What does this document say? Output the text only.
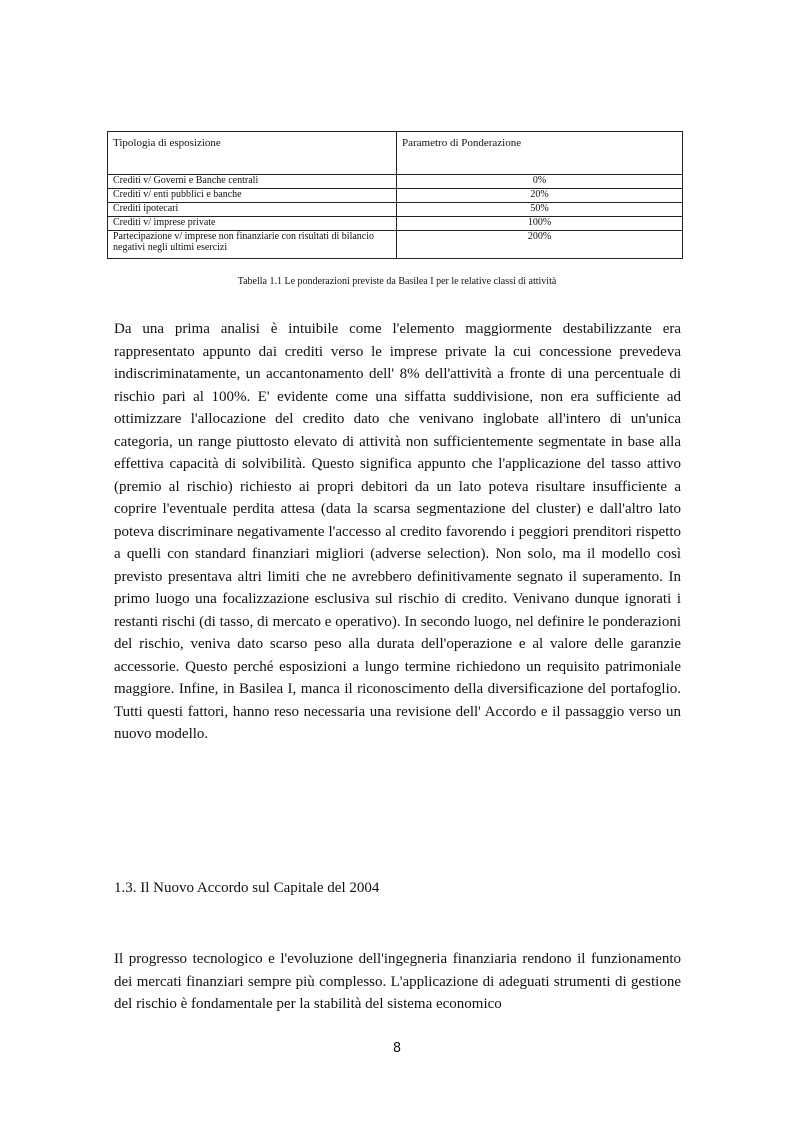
Tipologia di esposizione	Parametro di Ponderazione
Crediti v/ Governi e Banche centrali	0%
Crediti v/ enti pubblici e banche	20%
Crediti ipotecari	50%
Crediti v/ imprese private	100%
Partecipazione v/ imprese non finanziarie con risultati di bilancio negativi negli ultimi esercizi	200%
Tabella 1.1 Le ponderazioni previste da Basilea I per le relative classi di attività

Da una prima analisi è intuibile come l'elemento maggiormente destabilizzante era rappresentato appunto dai crediti verso le imprese private la cui concessione prevedeva indiscriminatamente, un accantonamento dell' 8% dell'attività a fronte di una percentuale di rischio pari al 100%. E' evidente come una siffatta suddivisione, non era sufficiente ad ottimizzare l'allocazione del credito dato che venivano inglobate all'intero di un'unica categoria, un range piuttosto elevato di attività non sufficientemente segmentate in base alla effettiva capacità di solvibilità. Questo significa appunto che l'applicazione del tasso attivo (premio al rischio) richiesto ai propri debitori da un lato poteva risultare insufficiente a coprire l'eventuale perdita attesa (data la scarsa segmentazione del cluster) e dall'altro lato poteva discriminare negativamente l'accesso al credito favorendo i peggiori prenditori rispetto a quelli con standard finanziari migliori (adverse selection). Non solo, ma il modello così previsto presentava altri limiti che ne avrebbero definitivamente segnato il superamento. In primo luogo una focalizzazione esclusiva sul rischio di credito. Venivano dunque ignorati i restanti rischi (di tasso, di mercato e operativo). In secondo luogo, nel definire le ponderazioni del rischio, veniva dato scarso peso alla durata dell'operazione e al valore delle garanzie accessorie. Questo perché esposizioni a lungo termine richiedono un requisito patrimoniale maggiore. Infine, in Basilea I, manca il riconoscimento della diversificazione del portafoglio. Tutti questi fattori, hanno reso necessaria una revisione dell' Accordo e il passaggio verso un nuovo modello.

1.3. Il Nuovo Accordo sul Capitale del 2004

Il progresso tecnologico e l'evoluzione dell'ingegneria finanziaria rendono il funzionamento dei mercati finanziari sempre più complesso. L'applicazione di adeguati strumenti di gestione del rischio è fondamentale per la stabilità del sistema economico

8
